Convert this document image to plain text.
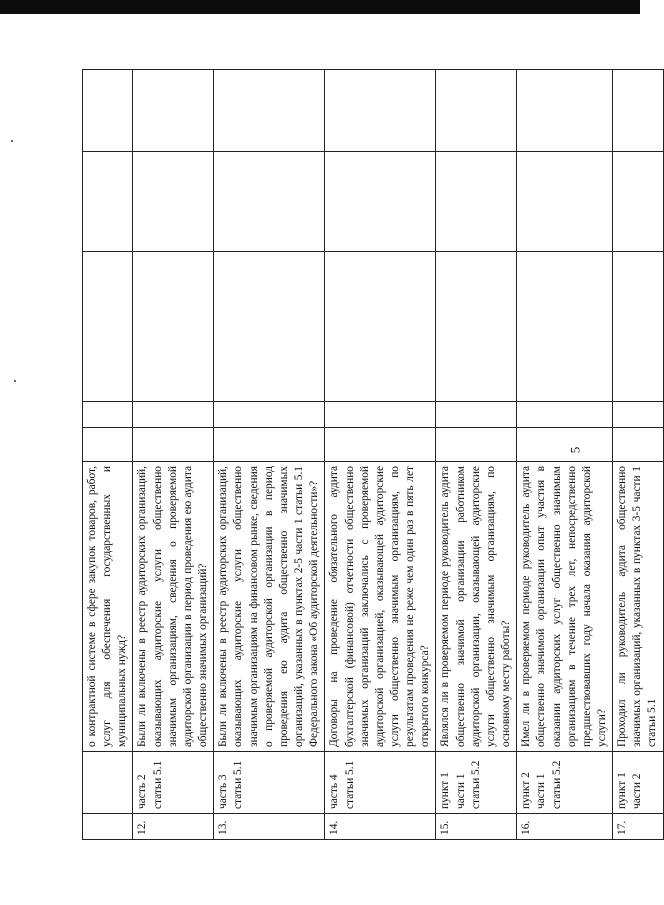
5
		о контрактной системе в сфере закупок товаров, работ, услуг для обеспечения государственных и муниципальных нужд?					
12.	часть 2 статьи 5.1	Были ли включены в реестр аудиторских организаций, оказывающих аудиторские услуги общественно значимым организациям, сведения о проверяемой аудиторской организации в период проведения ею аудита общественно значимых организаций?					
13.	часть 3 статьи 5.1	Были ли включены в реестр аудиторских организаций, оказывающих аудиторские услуги общественно значимым организациям на финансовом рынке, сведения о проверяемой аудиторской организации в период проведения ею аудита общественно значимых организаций, указанных в пунктах 2-5 части 1 статьи 5.1 Федерального закона «Об аудиторской деятельности»?					
14.	часть 4 статьи 5.1	Договоры на проведение обязательного аудита бухгалтерской (финансовой) отчетности общественно значимых организаций заключались с проверяемой аудиторской организацией, оказывающей аудиторские услуги общественно значимым организациям, по результатам проведения не реже чем один раз в пять лет открытого конкурса?					
15.	пункт 1 части 1 статьи 5.2	Являлся ли в проверяемом периоде руководитель аудита общественно значимой организации работником аудиторской организации, оказывающей аудиторские услуги общественно значимым организациям, по основному месту работы?					
16.	пункт 2 части 1 статьи 5.2	Имел ли в проверяемом периоде руководитель аудита общественно значимой организации опыт участия в оказании аудиторских услуг общественно значимым организациям в течение трех лет, непосредственно предшествовавших году начала оказания аудиторской услуги?					
17.	пункт 1 части 2	Проходил ли руководитель аудита общественно значимых организаций, указанных в пунктах 3-5 части 1 статьи 5.1					
